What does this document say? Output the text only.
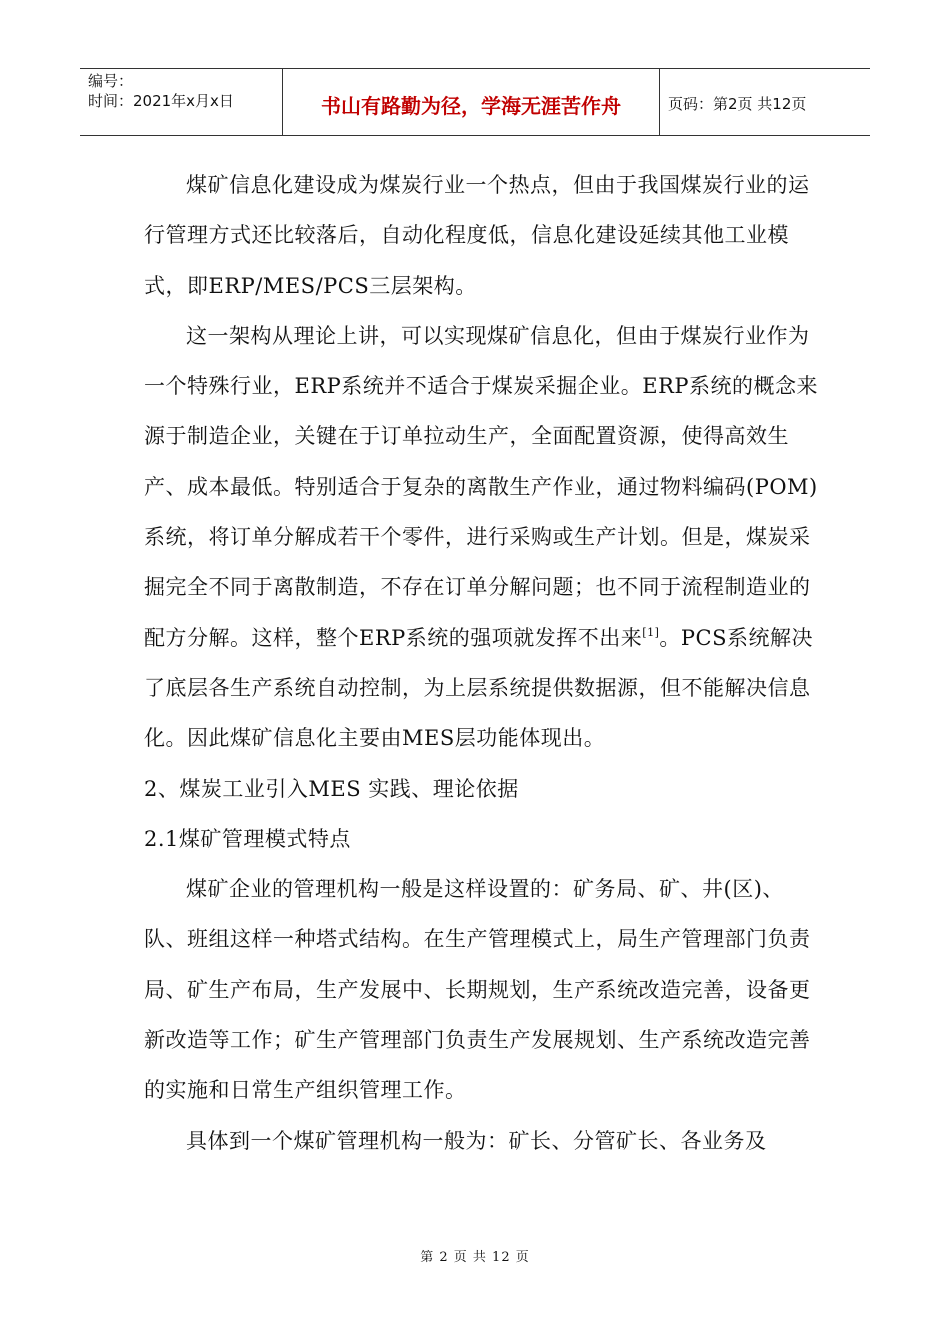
编号：
时间：2021年x月x日	书山有路勤为径，学海无涯苦作舟	页码：第2页 共12页

煤矿信息化建设成为煤炭行业一个热点，但由于我国煤炭行业的运行管理方式还比较落后，自动化程度低，信息化建设延续其他工业模式，即ERP/MES/PCS三层架构。

这一架构从理论上讲，可以实现煤矿信息化，但由于煤炭行业作为一个特殊行业，ERP系统并不适合于煤炭采掘企业。ERP系统的概念来源于制造企业，关键在于订单拉动生产，全面配置资源，使得高效生产、成本最低。特别适合于复杂的离散生产作业，通过物料编码(POM)系统，将订单分解成若干个零件，进行采购或生产计划。但是，煤炭采掘完全不同于离散制造，不存在订单分解问题；也不同于流程制造业的配方分解。这样，整个ERP系统的强项就发挥不出来[1]。PCS系统解决了底层各生产系统自动控制，为上层系统提供数据源，但不能解决信息化。因此煤矿信息化主要由MES层功能体现出。

2、煤炭工业引入MES 实践、理论依据

2.1煤矿管理模式特点

煤矿企业的管理机构一般是这样设置的：矿务局、矿、井(区)、队、班组这样一种塔式结构。在生产管理模式上，局生产管理部门负责局、矿生产布局，生产发展中、长期规划，生产系统改造完善，设备更新改造等工作；矿生产管理部门负责生产发展规划、生产系统改造完善的实施和日常生产组织管理工作。

具体到一个煤矿管理机构一般为：矿长、分管矿长、各业务及

第 2 页 共 12 页
